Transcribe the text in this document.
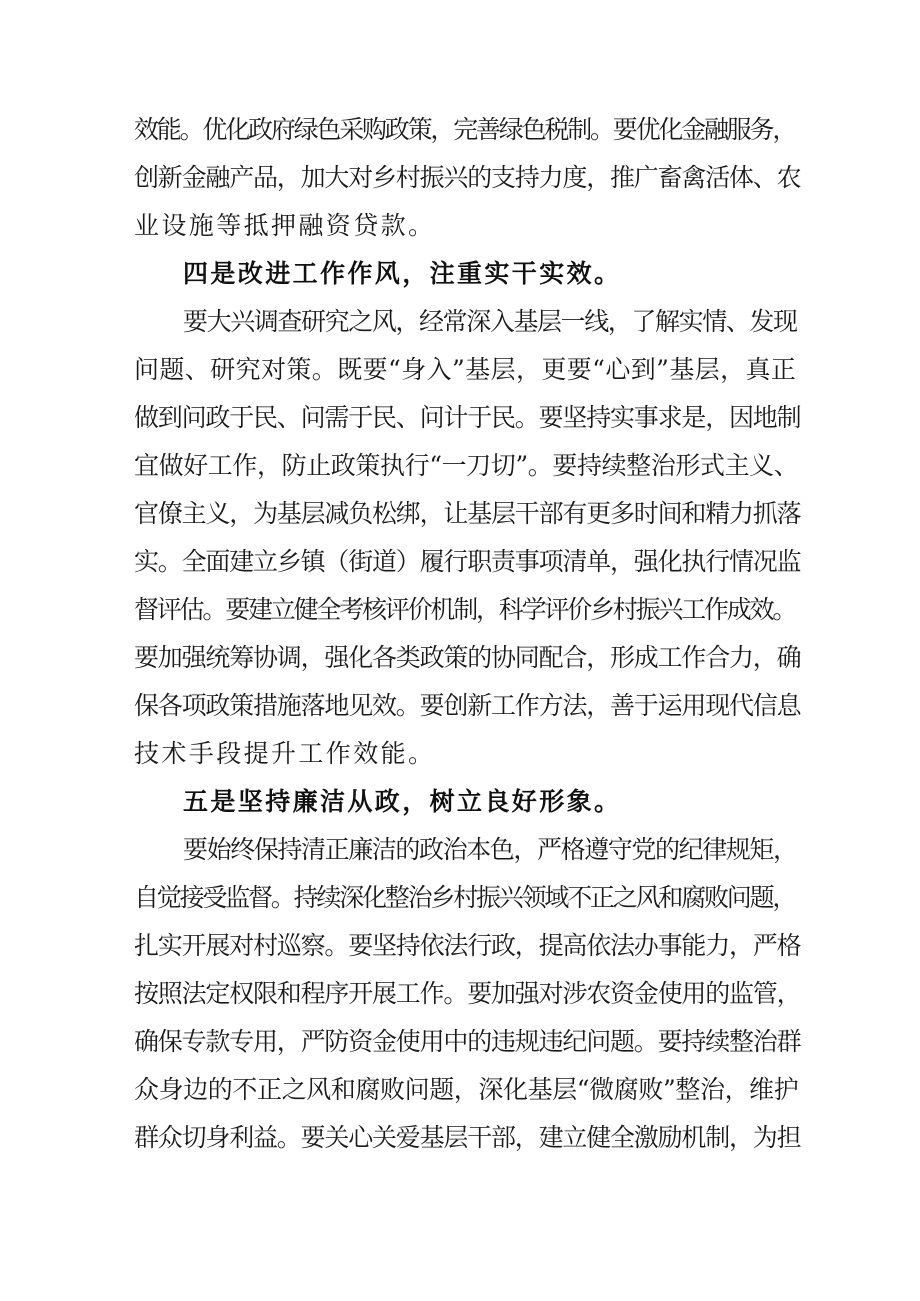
效能。优化政府绿色采购政策，完善绿色税制。要优化金融服务，
创新金融产品，加大对乡村振兴的支持力度，推广畜禽活体、农
业设施等抵押融资贷款。
四是改进工作作风，注重实干实效。
要大兴调查研究之风，经常深入基层一线，了解实情、发现
问题、研究对策。既要“身入”基层，更要“心到”基层，真正
做到问政于民、问需于民、问计于民。要坚持实事求是，因地制
宜做好工作，防止政策执行“一刀切”。要持续整治形式主义、
官僚主义，为基层减负松绑，让基层干部有更多时间和精力抓落
实。全面建立乡镇（街道）履行职责事项清单，强化执行情况监
督评估。要建立健全考核评价机制，科学评价乡村振兴工作成效。
要加强统筹协调，强化各类政策的协同配合，形成工作合力，确
保各项政策措施落地见效。要创新工作方法，善于运用现代信息
技术手段提升工作效能。
五是坚持廉洁从政，树立良好形象。
要始终保持清正廉洁的政治本色，严格遵守党的纪律规矩，
自觉接受监督。持续深化整治乡村振兴领域不正之风和腐败问题，
扎实开展对村巡察。要坚持依法行政，提高依法办事能力，严格
按照法定权限和程序开展工作。要加强对涉农资金使用的监管，
确保专款专用，严防资金使用中的违规违纪问题。要持续整治群
众身边的不正之风和腐败问题，深化基层“微腐败”整治，维护
群众切身利益。要关心关爱基层干部，建立健全激励机制，为担
